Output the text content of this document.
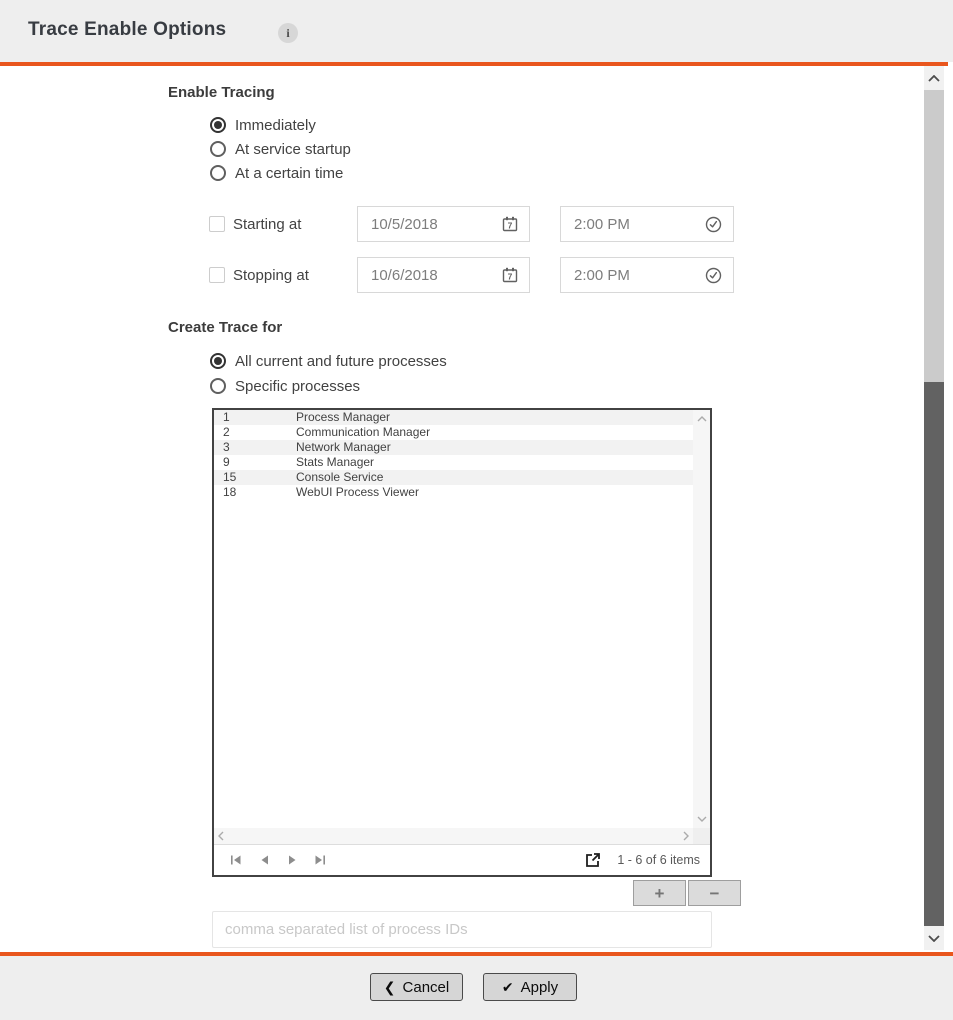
Trace Enable Options	i
Enable Tracing
Immediately
At service startup
At a certain time
Starting at
10/5/2018	7
2:00 PM
Stopping at
10/6/2018	7
2:00 PM
Create Trace for
All current and future processes
Specific processes
1	Process Manager
2	Communication Manager
3	Network Manager
9	Stats Manager
15	Console Service
18	WebUI Process Viewer
1 - 6 of 6 items
+	−
comma separated list of process IDs
❮ Cancel	✔ Apply
